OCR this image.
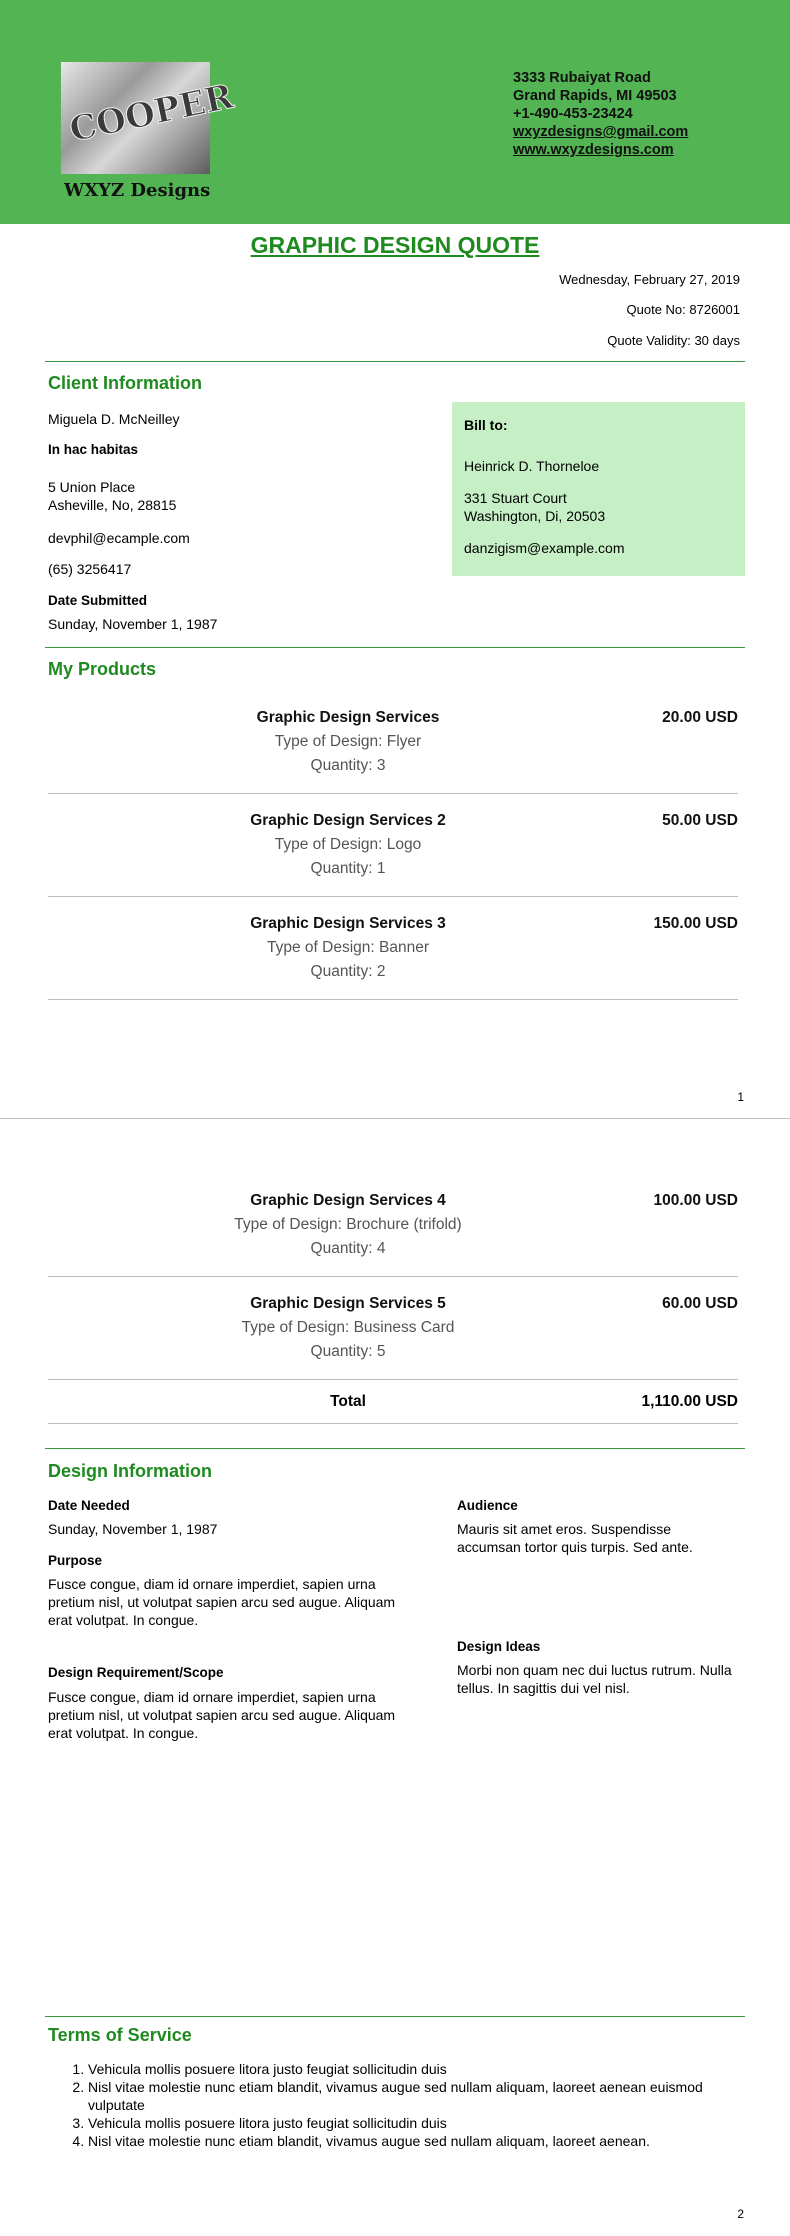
COOPER
WXYZ Designs
3333 Rubaiyat Road
Grand Rapids, MI 49503
+1-490-453-23424
wxyzdesigns@gmail.com
www.wxyzdesigns.com
GRAPHIC DESIGN QUOTE
Wednesday, February 27, 2019
Quote No: 8726001
Quote Validity: 30 days
Client Information
Miguela D. McNeilley
In hac habitas
5 Union Place
Asheville, No, 28815
devphil@ecample.com
(65) 3256417
Date Submitted
Sunday, November 1, 1987
Bill to:
Heinrick D. Thorneloe
331 Stuart Court
Washington, Di, 20503
danzigism@example.com
My Products
Graphic Design Services
Type of Design: Flyer
Quantity: 3
20.00 USD
Graphic Design Services 2
Type of Design: Logo
Quantity: 1
50.00 USD
Graphic Design Services 3
Type of Design: Banner
Quantity: 2
150.00 USD
1
Graphic Design Services 4
Type of Design: Brochure (trifold)
Quantity: 4
100.00 USD
Graphic Design Services 5
Type of Design: Business Card
Quantity: 5
60.00 USD
Total	1,110.00 USD
Design Information
Date Needed
Sunday, November 1, 1987
Purpose
Fusce congue, diam id ornare imperdiet, sapien urna pretium nisl, ut volutpat sapien arcu sed augue. Aliquam erat volutpat. In congue.
Design Requirement/Scope
Fusce congue, diam id ornare imperdiet, sapien urna pretium nisl, ut volutpat sapien arcu sed augue. Aliquam erat volutpat. In congue.
Audience
Mauris sit amet eros. Suspendisse accumsan tortor quis turpis. Sed ante.
Design Ideas
Morbi non quam nec dui luctus rutrum. Nulla tellus. In sagittis dui vel nisl.
Terms of Service
1. Vehicula mollis posuere litora justo feugiat sollicitudin duis
2. Nisl vitae molestie nunc etiam blandit, vivamus augue sed nullam aliquam, laoreet aenean euismod vulputate
3. Vehicula mollis posuere litora justo feugiat sollicitudin duis
4. Nisl vitae molestie nunc etiam blandit, vivamus augue sed nullam aliquam, laoreet aenean.
2
